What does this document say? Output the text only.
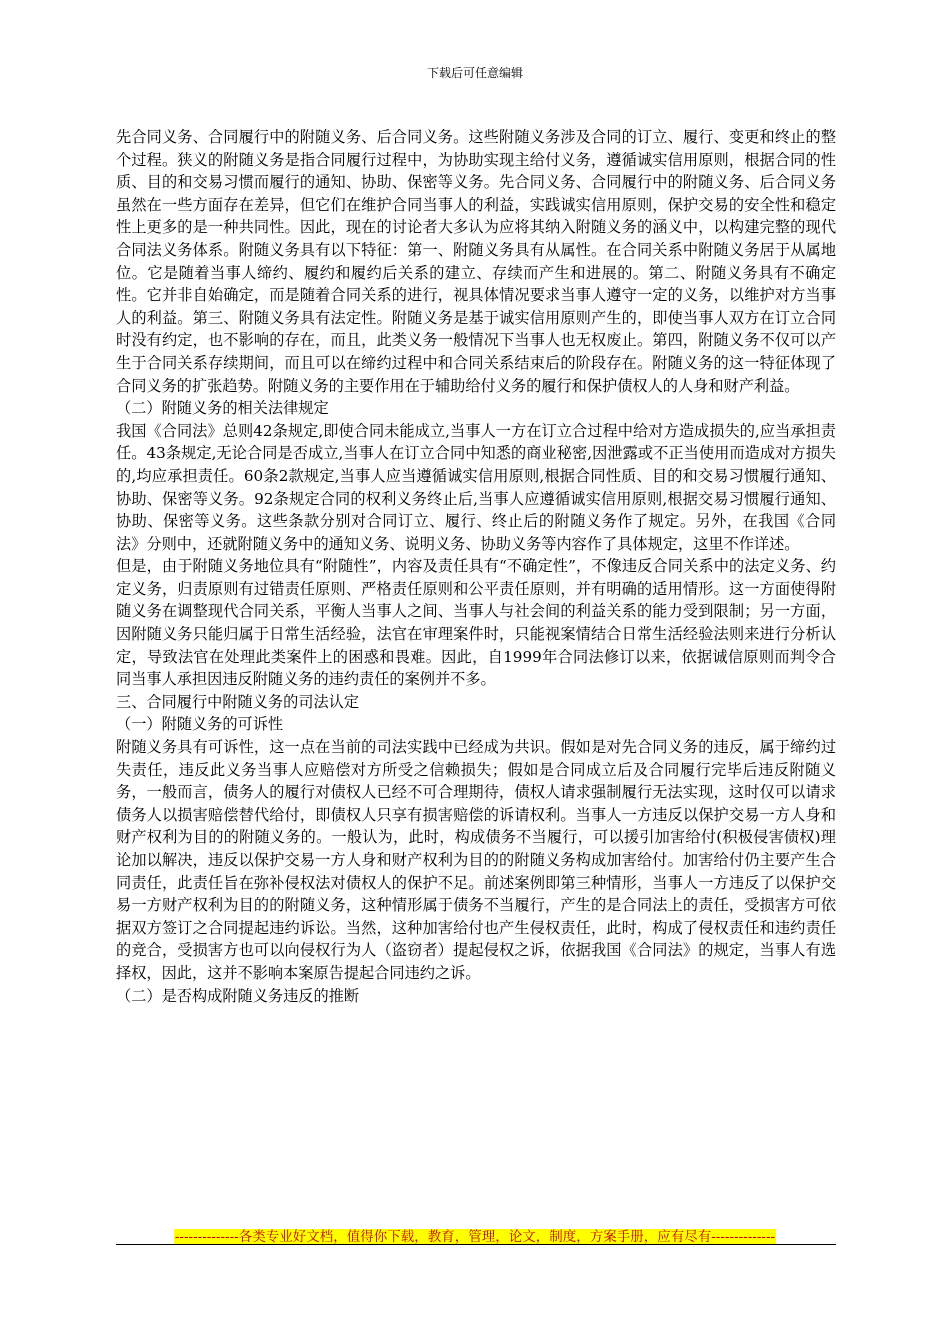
下载后可任意编辑

先合同义务、合同履行中的附随义务、后合同义务。这些附随义务涉及合同的订立、履行、变更和终止的整个过程。狭义的附随义务是指合同履行过程中，为协助实现主给付义务，遵循诚实信用原则，根据合同的性质、目的和交易习惯而履行的通知、协助、保密等义务。先合同义务、合同履行中的附随义务、后合同义务虽然在一些方面存在差异，但它们在维护合同当事人的利益，实践诚实信用原则，保护交易的安全性和稳定性上更多的是一种共同性。因此，现在的讨论者大多认为应将其纳入附随义务的涵义中，以构建完整的现代合同法义务体系。附随义务具有以下特征：第一、附随义务具有从属性。在合同关系中附随义务居于从属地位。它是随着当事人缔约、履约和履约后关系的建立、存续而产生和进展的。第二、附随义务具有不确定性。它并非自始确定，而是随着合同关系的进行，视具体情况要求当事人遵守一定的义务，以维护对方当事人的利益。第三、附随义务具有法定性。附随义务是基于诚实信用原则产生的，即使当事人双方在订立合同时没有约定，也不影响的存在，而且，此类义务一般情况下当事人也无权废止。第四，附随义务不仅可以产生于合同关系存续期间，而且可以在缔约过程中和合同关系结束后的阶段存在。附随义务的这一特征体现了合同义务的扩张趋势。附随义务的主要作用在于辅助给付义务的履行和保护债权人的人身和财产利益。

（二）附随义务的相关法律规定

我国《合同法》总则42条规定,即使合同未能成立,当事人一方在订立合过程中给对方造成损失的,应当承担责任。43条规定,无论合同是否成立,当事人在订立合同中知悉的商业秘密,因泄露或不正当使用而造成对方损失的,均应承担责任。60条2款规定,当事人应当遵循诚实信用原则,根据合同性质、目的和交易习惯履行通知、协助、保密等义务。92条规定合同的权利义务终止后,当事人应遵循诚实信用原则,根据交易习惯履行通知、协助、保密等义务。这些条款分别对合同订立、履行、终止后的附随义务作了规定。另外，在我国《合同法》分则中，还就附随义务中的通知义务、说明义务、协助义务等内容作了具体规定，这里不作详述。

但是，由于附随义务地位具有“附随性”，内容及责任具有“不确定性”，不像违反合同关系中的法定义务、约定义务，归责原则有过错责任原则、严格责任原则和公平责任原则，并有明确的适用情形。这一方面使得附随义务在调整现代合同关系，平衡人当事人之间、当事人与社会间的利益关系的能力受到限制；另一方面，因附随义务只能归属于日常生活经验，法官在审理案件时，只能视案情结合日常生活经验法则来进行分析认定，导致法官在处理此类案件上的困惑和畏难。因此，自1999年合同法修订以来，依据诚信原则而判令合同当事人承担因违反附随义务的违约责任的案例并不多。

三、合同履行中附随义务的司法认定

（一）附随义务的可诉性

附随义务具有可诉性，这一点在当前的司法实践中已经成为共识。假如是对先合同义务的违反，属于缔约过失责任，违反此义务当事人应赔偿对方所受之信赖损失；假如是合同成立后及合同履行完毕后违反附随义务，一般而言，债务人的履行对债权人已经不可合理期待，债权人请求强制履行无法实现，这时仅可以请求债务人以损害赔偿替代给付，即债权人只享有损害赔偿的诉请权利。当事人一方违反以保护交易一方人身和财产权利为目的的附随义务的。一般认为，此时，构成债务不当履行，可以援引加害给付(积极侵害债权)理论加以解决，违反以保护交易一方人身和财产权利为目的的附随义务构成加害给付。加害给付仍主要产生合同责任，此责任旨在弥补侵权法对债权人的保护不足。前述案例即第三种情形，当事人一方违反了以保护交易一方财产权利为目的的附随义务，这种情形属于债务不当履行，产生的是合同法上的责任，受损害方可依据双方签订之合同提起违约诉讼。当然，这种加害给付也产生侵权责任，此时，构成了侵权责任和违约责任的竞合，受损害方也可以向侵权行为人（盗窃者）提起侵权之诉，依据我国《合同法》的规定，当事人有选择权，因此，这并不影响本案原告提起合同违约之诉。

（二）是否构成附随义务违反的推断

--------------各类专业好文档，值得你下载，教育，管理，论文，制度，方案手册，应有尽有--------------
